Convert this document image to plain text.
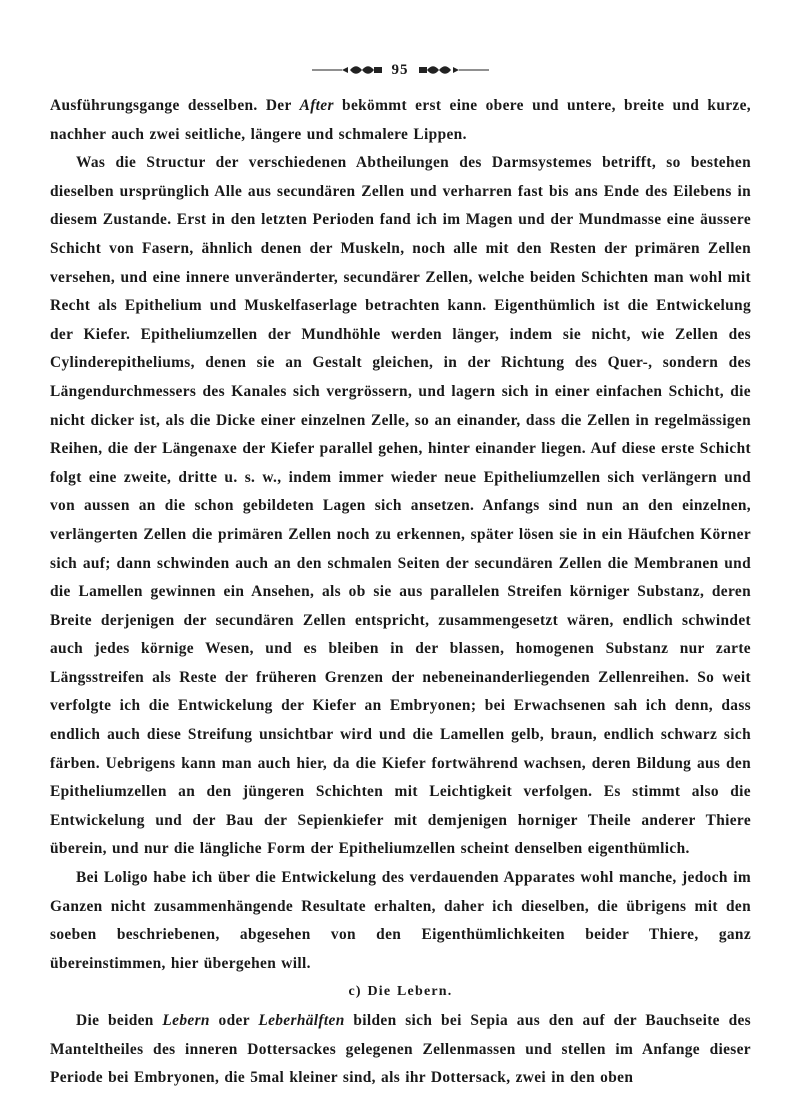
95

Ausführungsgange desselben. Der After bekömmt erst eine obere und untere, breite und kurze, nachher auch zwei seitliche, längere und schmalere Lippen.

Was die Structur der verschiedenen Abtheilungen des Darmsystemes betrifft, so bestehen dieselben ursprünglich Alle aus secundären Zellen und verharren fast bis ans Ende des Eilebens in diesem Zustande. Erst in den letzten Perioden fand ich im Magen und der Mundmasse eine äussere Schicht von Fasern, ähnlich denen der Muskeln, noch alle mit den Resten der primären Zellen versehen, und eine innere unveränderter, secundärer Zellen, welche beiden Schichten man wohl mit Recht als Epithelium und Muskelfaserlage betrachten kann. Eigenthümlich ist die Entwickelung der Kiefer. Epitheliumzellen der Mundhöhle werden länger, indem sie nicht, wie Zellen des Cylinderepitheliums, denen sie an Gestalt gleichen, in der Richtung des Quer-, sondern des Längendurchmessers des Kanales sich vergrössern, und lagern sich in einer einfachen Schicht, die nicht dicker ist, als die Dicke einer einzelnen Zelle, so an einander, dass die Zellen in regelmässigen Reihen, die der Längenaxe der Kiefer parallel gehen, hinter einander liegen. Auf diese erste Schicht folgt eine zweite, dritte u. s. w., indem immer wieder neue Epitheliumzellen sich verlängern und von aussen an die schon gebildeten Lagen sich ansetzen. Anfangs sind nun an den einzelnen, verlängerten Zellen die primären Zellen noch zu erkennen, später lösen sie in ein Häufchen Körner sich auf; dann schwinden auch an den schmalen Seiten der secundären Zellen die Membranen und die Lamellen gewinnen ein Ansehen, als ob sie aus parallelen Streifen körniger Substanz, deren Breite derjenigen der secundären Zellen entspricht, zusammengesetzt wären, endlich schwindet auch jedes körnige Wesen, und es bleiben in der blassen, homogenen Substanz nur zarte Längsstreifen als Reste der früheren Grenzen der nebeneinanderliegenden Zellenreihen. So weit verfolgte ich die Entwickelung der Kiefer an Embryonen; bei Erwachsenen sah ich denn, dass endlich auch diese Streifung unsichtbar wird und die Lamellen gelb, braun, endlich schwarz sich färben. Uebrigens kann man auch hier, da die Kiefer fortwährend wachsen, deren Bildung aus den Epitheliumzellen an den jüngeren Schichten mit Leichtigkeit verfolgen. Es stimmt also die Entwickelung und der Bau der Sepienkiefer mit demjenigen horniger Theile anderer Thiere überein, und nur die längliche Form der Epitheliumzellen scheint denselben eigenthümlich.

Bei Loligo habe ich über die Entwickelung des verdauenden Apparates wohl manche, jedoch im Ganzen nicht zusammenhängende Resultate erhalten, daher ich dieselben, die übrigens mit den soeben beschriebenen, abgesehen von den Eigenthümlichkeiten beider Thiere, ganz übereinstimmen, hier übergehen will.

c) Die Lebern.

Die beiden Lebern oder Leberhälften bilden sich bei Sepia aus den auf der Bauchseite des Manteltheiles des inneren Dottersackes gelegenen Zellenmassen und stellen im Anfange dieser Periode bei Embryonen, die 5mal kleiner sind, als ihr Dottersack, zwei in den oben
